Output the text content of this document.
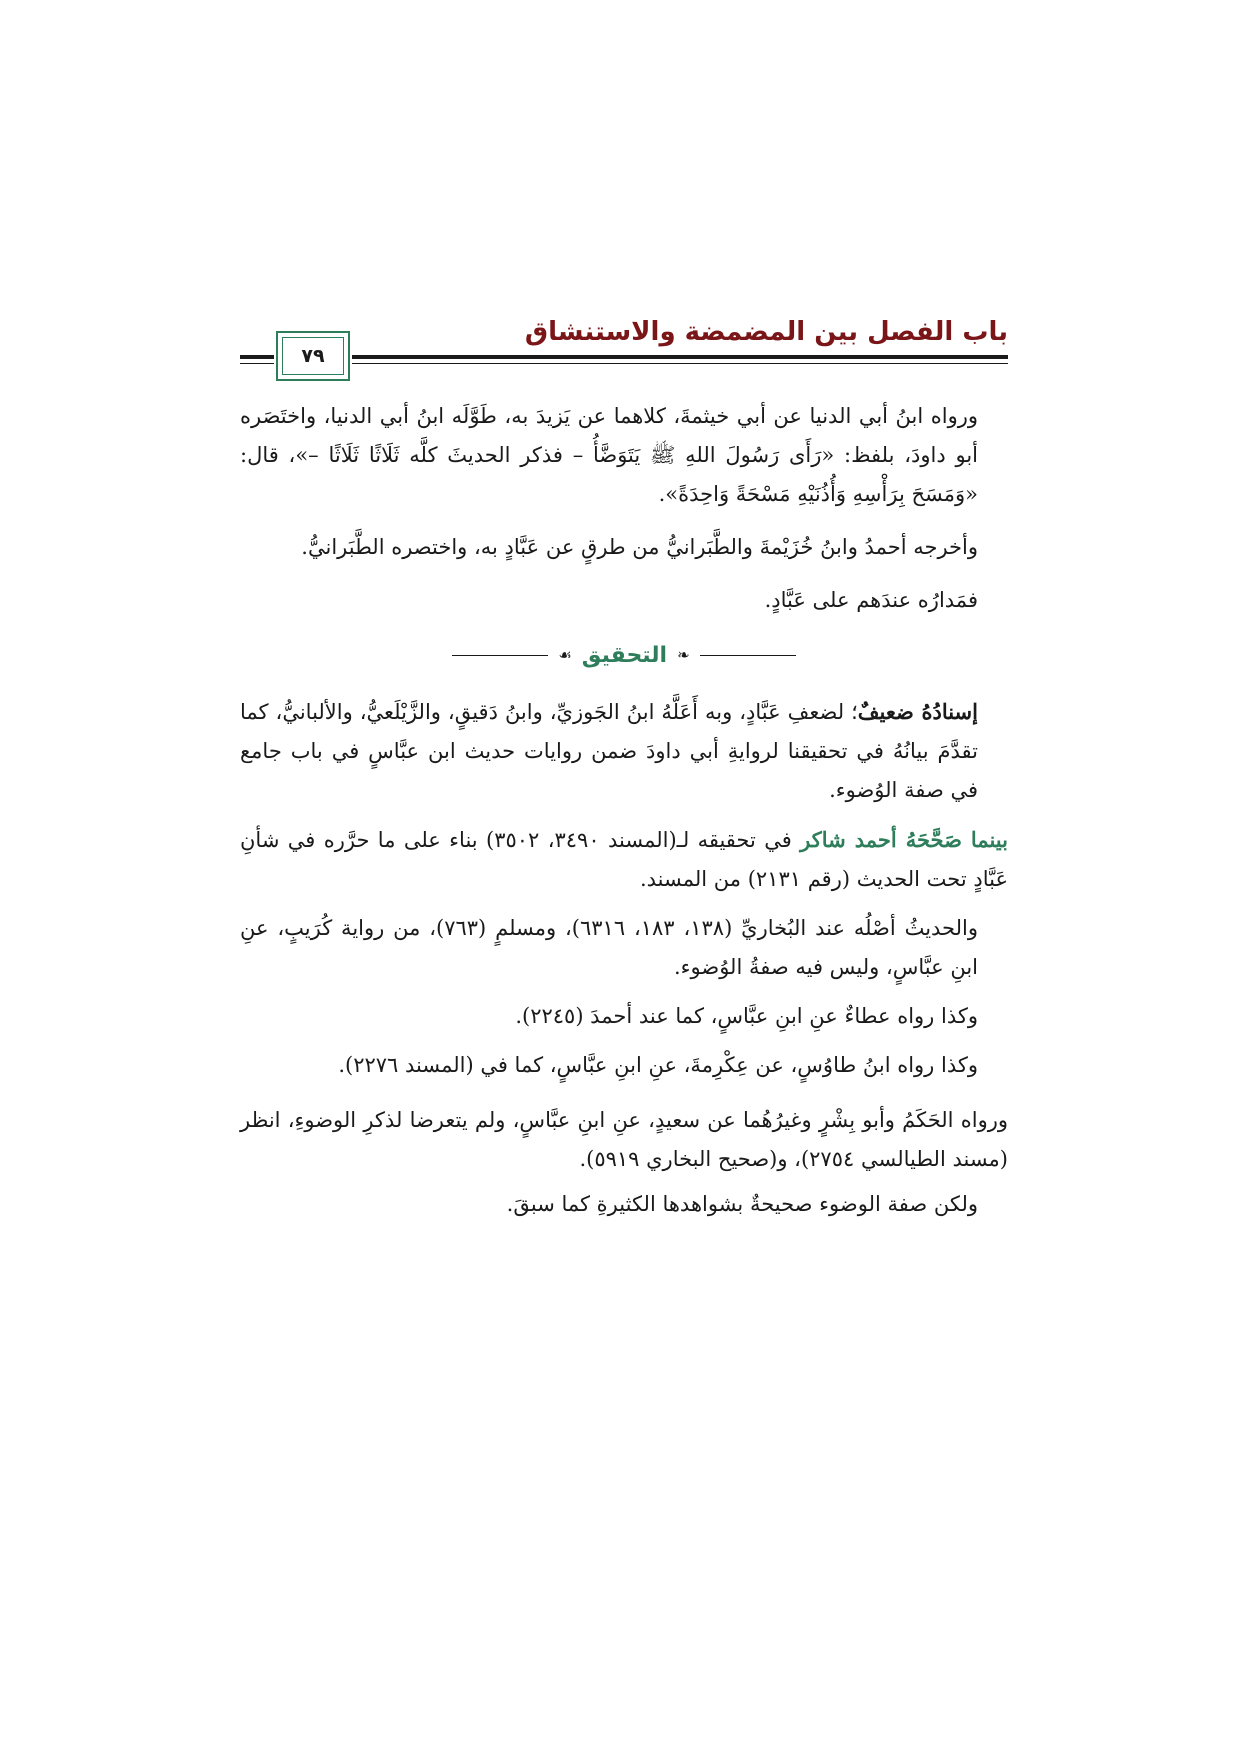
باب الفصل بين المضمضة والاستنشاق
٧٩

ورواه ابنُ أبي الدنيا عن أبي خيثمةَ، كلاهما عن يَزيدَ به، طَوَّلَه ابنُ أبي الدنيا، واختَصَره أبو داودَ، بلفظ: «رَأَى رَسُولَ اللهِ ﷺ يَتَوَضَّأُ – فذكر الحديثَ كلَّه ثَلَاثًا ثَلَاثًا –»، قال: «وَمَسَحَ بِرَأْسِهِ وَأُذُنَيْهِ مَسْحَةً وَاحِدَةً».

وأخرجه أحمدُ وابنُ خُزَيْمةَ والطَّبَرانيُّ من طرقٍ عن عَبَّادٍ به، واختصره الطَّبَرانيُّ.

فمَدارُه عندَهم على عَبَّادٍ.

❧
التحقيق
☙

إسنادُهُ ضعيفٌ؛ لضعفِ عَبَّادٍ، وبه أَعَلَّهُ ابنُ الجَوزيِّ، وابنُ دَقيقٍ، والزَّيْلَعيُّ، والألبانيُّ، كما تقدَّمَ بيانُهُ في تحقيقنا لروايةِ أبي داودَ ضمن روايات حديث ابن عبَّاسٍ في باب جامع في صفة الوُضوء.

بينما صَحَّحَهُ أحمد شاكر في تحقيقه لـ(المسند ٣٤٩٠، ٣٥٠٢) بناء على ما حرَّره في شأنِ عَبَّادٍ تحت الحديث (رقم ٢١٣١) من المسند.

والحديثُ أصْلُه عند البُخاريِّ (١٣٨، ١٨٣، ٦٣١٦)، ومسلمٍ (٧٦٣)، من رواية كُرَيبٍ، عنِ ابنِ عبَّاسٍ، وليس فيه صفةُ الوُضوء.

وكذا رواه عطاءٌ عنِ ابنِ عبَّاسٍ، كما عند أحمدَ (٢٢٤٥).

وكذا رواه ابنُ طاوُسٍ، عن عِكْرِمةَ، عنِ ابنِ عبَّاسٍ، كما في (المسند ٢٢٧٦).

ورواه الحَكَمُ وأبو بِشْرٍ وغيرُهُما عن سعيدٍ، عنِ ابنِ عبَّاسٍ، ولم يتعرضا لذكرِ الوضوءِ، انظر (مسند الطيالسي ٢٧٥٤)، و(صحيح البخاري ٥٩١٩).

ولكن صفة الوضوء صحيحةٌ بشواهدها الكثيرةِ كما سبقَ.
